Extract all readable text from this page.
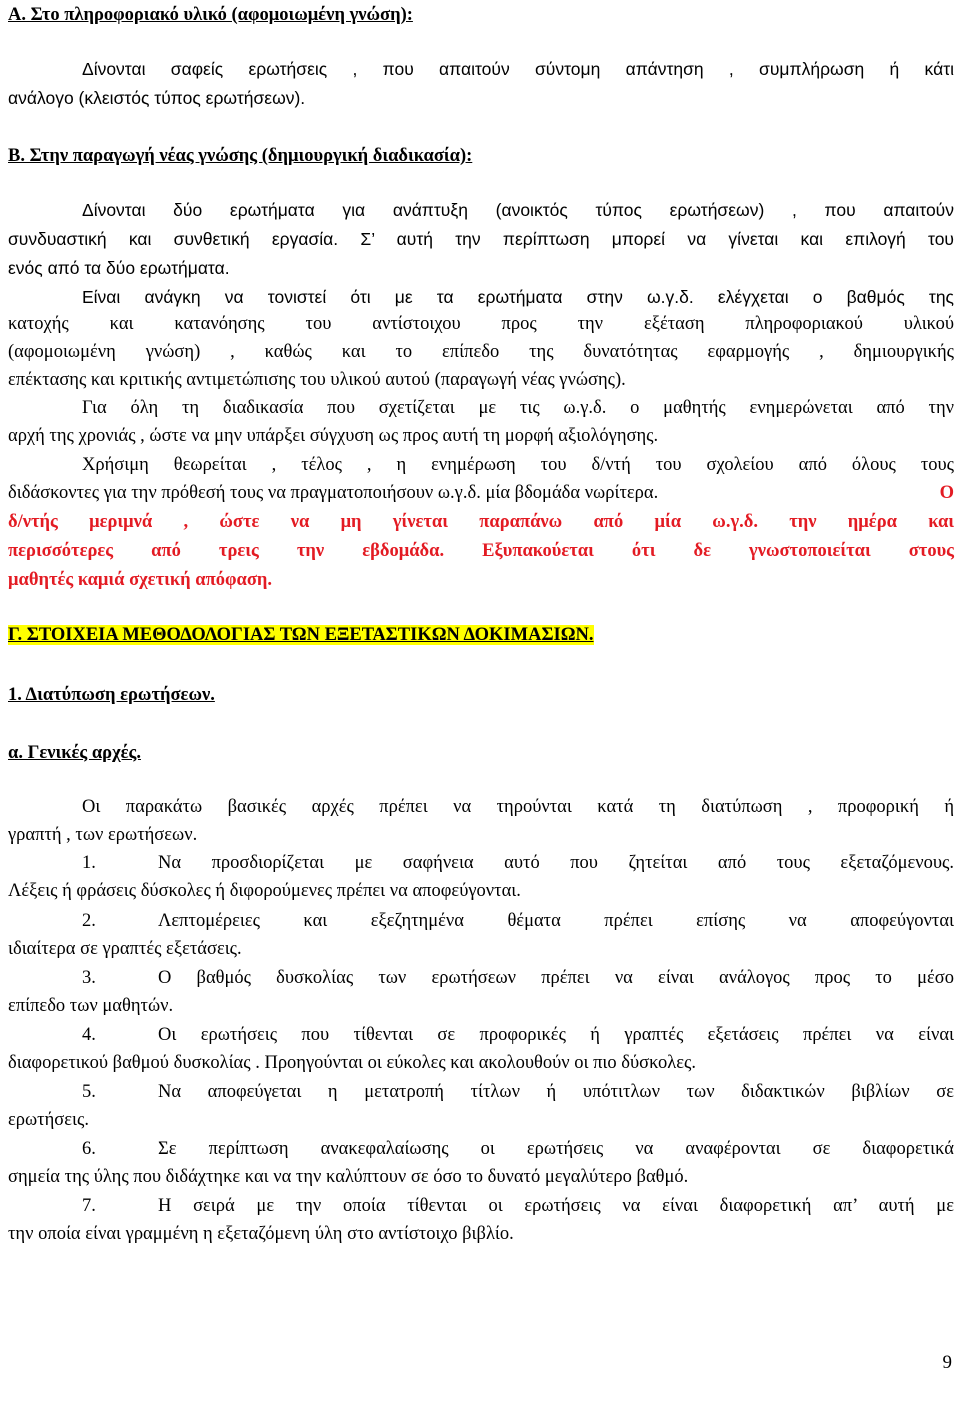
Α. Στο πληροφοριακό υλικό (αφομοιωμένη γνώση):
Δίνονται σαφείς ερωτήσεις , που απαιτούν σύντομη απάντηση , συμπλήρωση ή κάτι
ανάλογο (κλειστός τύπος ερωτήσεων).
Β. Στην παραγωγή νέας γνώσης (δημιουργική διαδικασία):
Δίνονται δύο ερωτήματα για ανάπτυξη (ανοικτός τύπος ερωτήσεων) , που απαιτούν
συνδυαστική και συνθετική εργασία. Σ’ αυτή την περίπτωση μπορεί να γίνεται και επιλογή του
ενός από τα δύο ερωτήματα.
Είναι ανάγκη να τονιστεί ότι με τα ερωτήματα στην ω.γ.δ. ελέγχεται ο βαθμός της
κατοχής και κατανόησης του αντίστοιχου προς την εξέταση πληροφοριακού υλικού
(αφομοιωμένη γνώση) , καθώς και το επίπεδο της δυνατότητας εφαρμογής , δημιουργικής
επέκτασης και κριτικής αντιμετώπισης του υλικού αυτού (παραγωγή νέας γνώσης).
Για όλη τη διαδικασία που σχετίζεται με τις ω.γ.δ. ο μαθητής ενημερώνεται από την
αρχή της χρονιάς , ώστε να μην υπάρξει σύγχυση ως προς αυτή τη μορφή αξιολόγησης.
Χρήσιμη θεωρείται , τέλος , η ενημέρωση του δ/ντή του σχολείου από όλους τους
διδάσκοντες για την πρόθεσή τους να πραγματοποιήσουν ω.γ.δ. μία βδομάδα νωρίτερα.	Ο
δ/ντής μεριμνά , ώστε να μη γίνεται παραπάνω από μία ω.γ.δ. την ημέρα και
περισσότερες από τρεις την εβδομάδα. Εξυπακούεται ότι δε γνωστοποιείται στους
μαθητές καμιά σχετική απόφαση.
Γ. ΣΤΟΙΧΕΙΑ ΜΕΘΟΔΟΛΟΓΙΑΣ ΤΩΝ ΕΞΕΤΑΣΤΙΚΩΝ ΔΟΚΙΜΑΣΙΩΝ.
1. Διατύπωση ερωτήσεων.
α. Γενικές αρχές.
Οι παρακάτω βασικές αρχές πρέπει να τηρούνται κατά τη διατύπωση , προφορική ή
γραπτή , των ερωτήσεων.
1.	Να προσδιορίζεται με σαφήνεια αυτό που ζητείται από τους εξεταζόμενους.
Λέξεις ή φράσεις δύσκολες ή διφορούμενες πρέπει να αποφεύγονται.
2.	Λεπτομέρειες και εξεζητημένα θέματα πρέπει επίσης να αποφεύγονται
ιδιαίτερα σε γραπτές εξετάσεις.
3.	Ο βαθμός δυσκολίας των ερωτήσεων πρέπει να είναι ανάλογος προς το μέσο
επίπεδο των μαθητών.
4.	Οι ερωτήσεις που τίθενται σε προφορικές ή γραπτές εξετάσεις πρέπει να είναι
διαφορετικού βαθμού δυσκολίας . Προηγούνται οι εύκολες και ακολουθούν οι πιο δύσκολες.
5.	Να αποφεύγεται η μετατροπή τίτλων ή υπότιτλων των διδακτικών βιβλίων σε
ερωτήσεις.
6.	Σε περίπτωση ανακεφαλαίωσης οι ερωτήσεις να αναφέρονται σε διαφορετικά
σημεία της ύλης που διδάχτηκε και να την καλύπτουν σε όσο το δυνατό μεγαλύτερο βαθμό.
7.	Η σειρά με την οποία τίθενται οι ερωτήσεις να είναι διαφορετική απ’ αυτή με
την οποία είναι γραμμένη η εξεταζόμενη ύλη στο αντίστοιχο βιβλίο.
9
